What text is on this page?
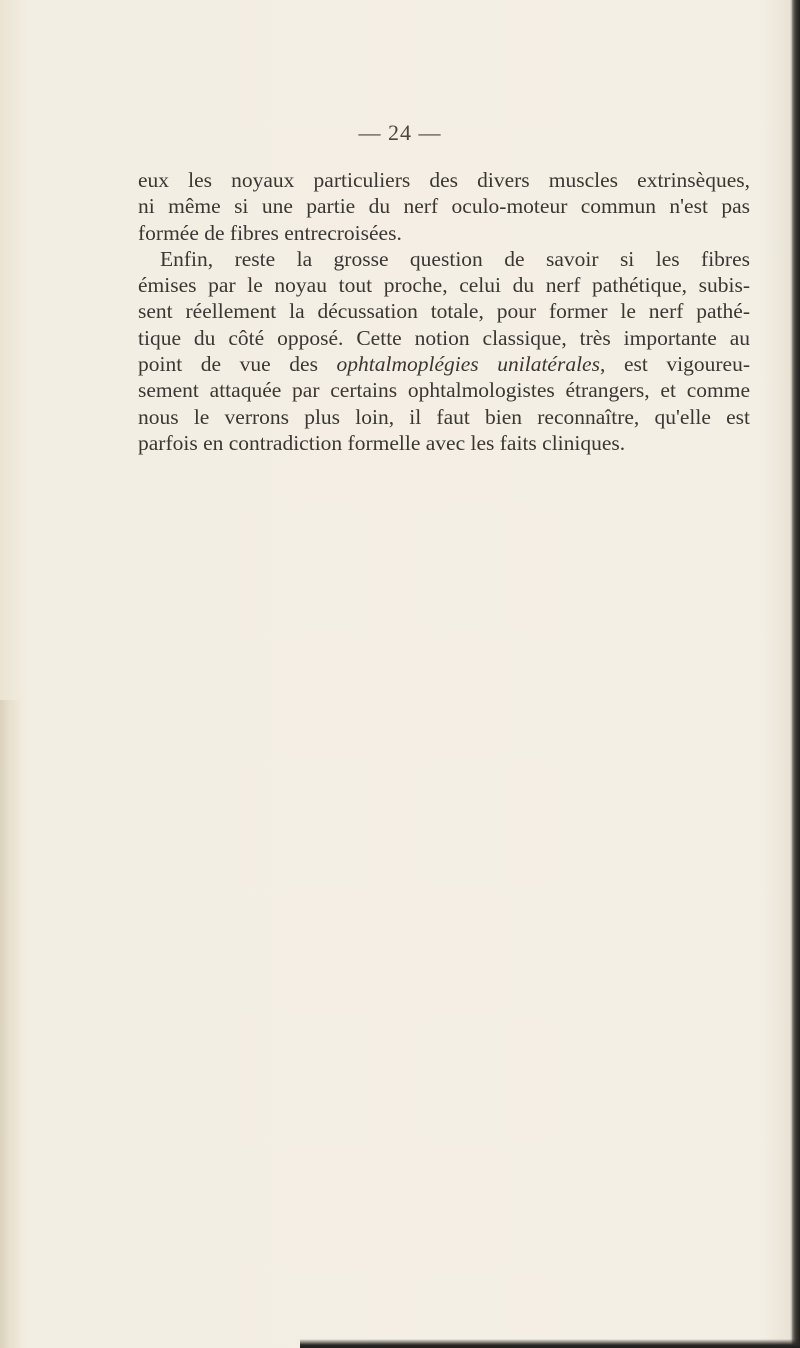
— 24 —
eux les noyaux particuliers des divers muscles extrinsèques,
ni même si une partie du nerf oculo-moteur commun n'est pas
formée de fibres entrecroisées.
Enfin, reste la grosse question de savoir si les fibres
émises par le noyau tout proche, celui du nerf pathétique, subis-
sent réellement la décussation totale, pour former le nerf pathé-
tique du côté opposé. Cette notion classique, très importante au
point de vue des ophtalmoplégies unilatérales, est vigoureu-
sement attaquée par certains ophtalmologistes étrangers, et comme
nous le verrons plus loin, il faut bien reconnaître, qu'elle est
parfois en contradiction formelle avec les faits cliniques.
